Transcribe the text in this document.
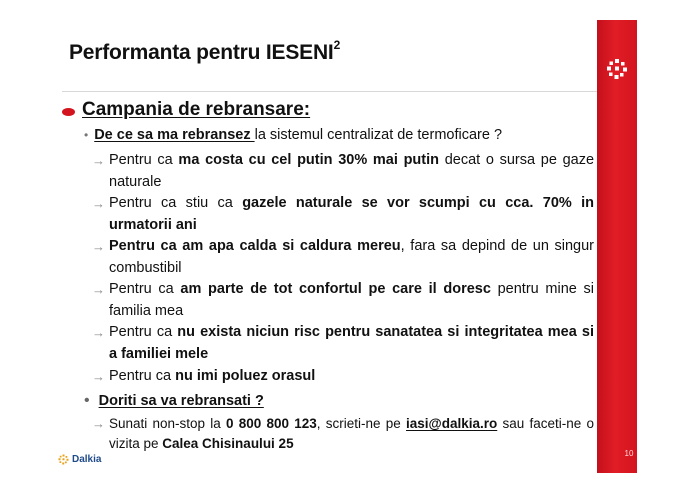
Performanta pentru IESENI$^2$
10
Campania de rebransare:
• De ce sa ma rebransez la sistemul centralizat de termoficare ?
→ Pentru ca ma costa cu cel putin 30% mai putin decat o sursa pe gaze naturale
→ Pentru ca stiu ca gazele naturale se vor scumpi cu cca. 70% in urmatorii ani
→ Pentru ca am apa calda si caldura mereu, fara sa depind de un singur combustibil
→ Pentru ca am parte de tot confortul pe care il doresc pentru mine si familia mea
→ Pentru ca nu exista niciun risc pentru sanatatea si integritatea mea si a familiei mele
→ Pentru ca nu imi poluez orasul
• Doriti sa va rebransati ?
→ Sunati non-stop la 0 800 800 123, scrieti-ne pe iasi@dalkia.ro sau faceti-ne o vizita pe Calea Chisinaului 25
Dalkia
